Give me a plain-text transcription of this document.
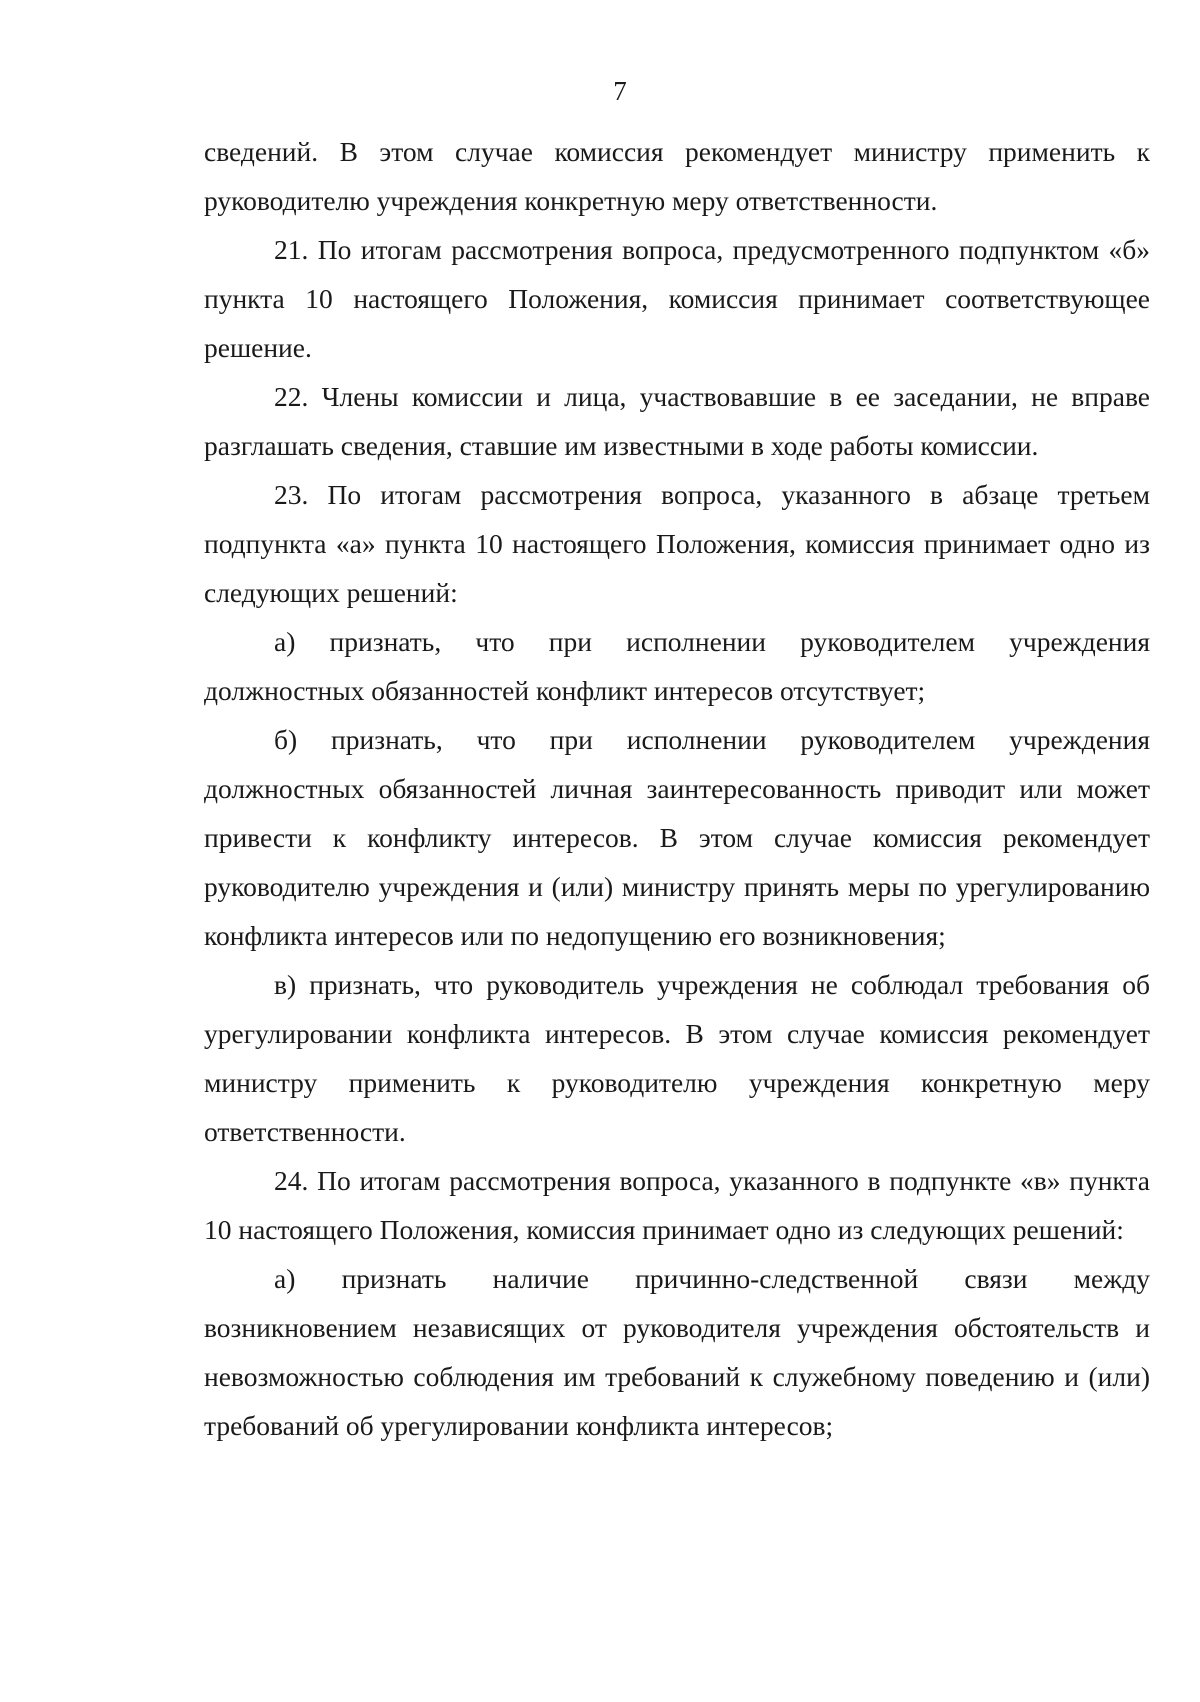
7

сведений. В этом случае комиссия рекомендует министру применить к руководителю учреждения конкретную меру ответственности.

21. По итогам рассмотрения вопроса, предусмотренного подпунктом «б» пункта 10 настоящего Положения, комиссия принимает соответствующее решение.

22. Члены комиссии и лица, участвовавшие в ее заседании, не вправе разглашать сведения, ставшие им известными в ходе работы комиссии.

23. По итогам рассмотрения вопроса, указанного в абзаце третьем подпункта «а» пункта 10 настоящего Положения, комиссия принимает одно из следующих решений:

а) признать, что при исполнении руководителем учреждения должностных обязанностей конфликт интересов отсутствует;

б) признать, что при исполнении руководителем учреждения должностных обязанностей личная заинтересованность приводит или может привести к конфликту интересов. В этом случае комиссия рекомендует руководителю учреждения и (или) министру принять меры по урегулированию конфликта интересов или по недопущению его возникновения;

в) признать, что руководитель учреждения не соблюдал требования об урегулировании конфликта интересов. В этом случае комиссия рекомендует министру применить к руководителю учреждения конкретную меру ответственности.

24. По итогам рассмотрения вопроса, указанного в подпункте «в» пункта 10 настоящего Положения, комиссия принимает одно из следующих решений:

а) признать наличие причинно-следственной связи между возникновением независящих от руководителя учреждения обстоятельств и невозможностью соблюдения им требований к служебному поведению и (или) требований об урегулировании конфликта интересов;
